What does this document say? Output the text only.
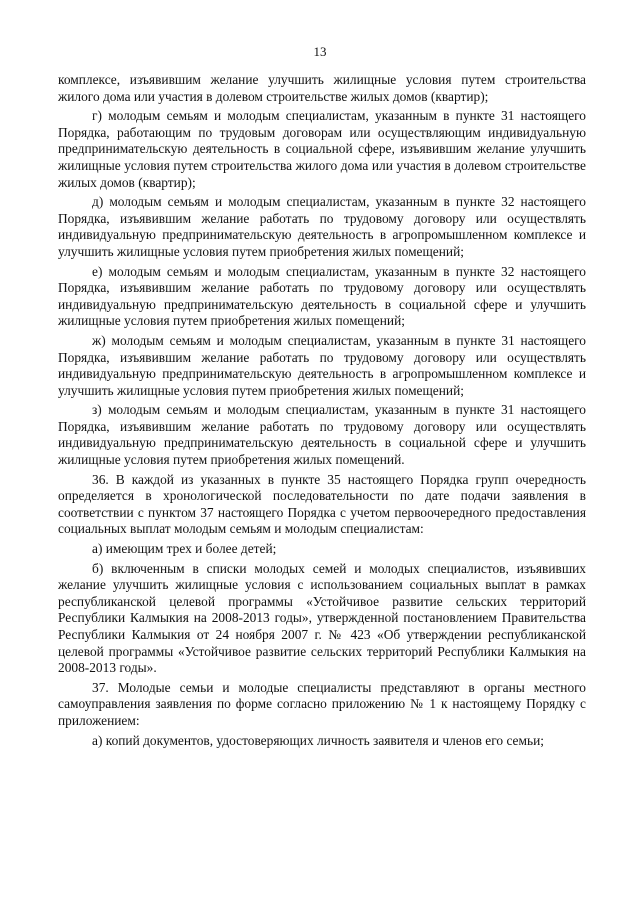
13

комплексе, изъявившим желание улучшить жилищные условия путем строительства жилого дома или участия в долевом строительстве жилых домов (квартир);

г) молодым семьям и молодым специалистам, указанным в пункте 31 настоящего Порядка, работающим по трудовым договорам или осуществляющим индивидуальную предпринимательскую деятельность в социальной сфере, изъявившим желание улучшить жилищные условия путем строительства жилого дома или участия в долевом строительстве жилых домов (квартир);

д) молодым семьям и молодым специалистам, указанным в пункте 32 настоящего Порядка, изъявившим желание работать по трудовому договору или осуществлять индивидуальную предпринимательскую деятельность в агропромышленном комплексе и улучшить жилищные условия путем приобретения жилых помещений;

е) молодым семьям и молодым специалистам, указанным в пункте 32 настоящего Порядка, изъявившим желание работать по трудовому договору или осуществлять индивидуальную предпринимательскую деятельность в социальной сфере и улучшить жилищные условия путем приобретения жилых помещений;

ж) молодым семьям и молодым специалистам, указанным в пункте 31 настоящего Порядка, изъявившим желание работать по трудовому договору или осуществлять индивидуальную предпринимательскую деятельность в агропромышленном комплексе и улучшить жилищные условия путем приобретения жилых помещений;

з) молодым семьям и молодым специалистам, указанным в пункте 31 настоящего Порядка, изъявившим желание работать по трудовому договору или осуществлять индивидуальную предпринимательскую деятельность в социальной сфере и улучшить жилищные условия путем приобретения жилых помещений.

36. В каждой из указанных в пункте 35 настоящего Порядка групп очередность определяется в хронологической последовательности по дате подачи заявления в соответствии с пунктом 37 настоящего Порядка с учетом первоочередного предоставления социальных выплат молодым семьям и молодым специалистам:

а) имеющим трех и более детей;

б) включенным в списки молодых семей и молодых специалистов, изъявивших желание улучшить жилищные условия с использованием социальных выплат в рамках республиканской целевой программы «Устойчивое развитие сельских территорий Республики Калмыкия на 2008-2013 годы», утвержденной постановлением Правительства Республики Калмыкия от 24 ноября 2007 г. № 423 «Об утверждении республиканской целевой программы «Устойчивое развитие сельских территорий Республики Калмыкия на 2008-2013 годы».

37. Молодые семьи и молодые специалисты представляют в органы местного самоуправления заявления по форме согласно приложению № 1 к настоящему Порядку с приложением:

а) копий документов, удостоверяющих личность заявителя и членов его семьи;
